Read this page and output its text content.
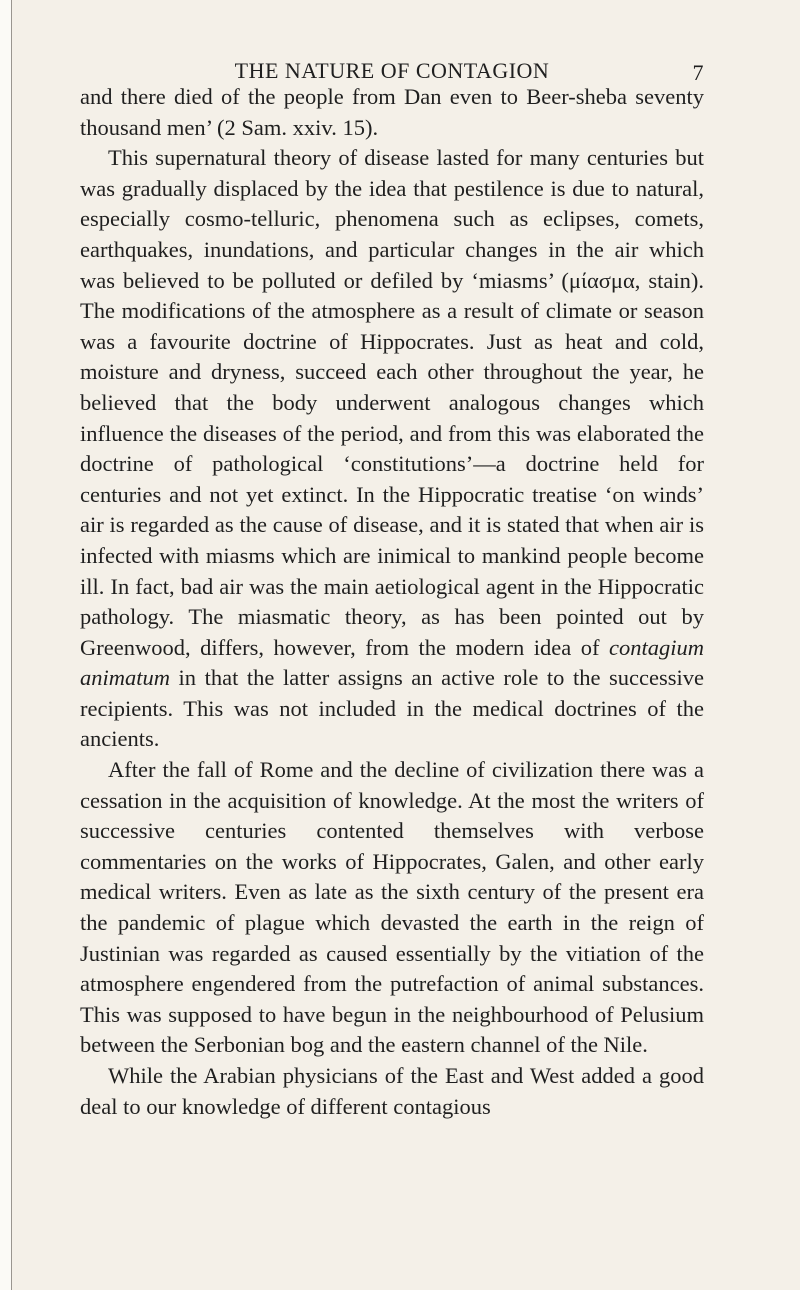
THE NATURE OF CONTAGION	7

and there died of the people from Dan even to Beer-sheba seventy thousand men’ (2 Sam. xxiv. 15).

This supernatural theory of disease lasted for many centuries but was gradually displaced by the idea that pestilence is due to natural, especially cosmo-telluric, phenomena such as eclipses, comets, earthquakes, inundations, and particular changes in the air which was believed to be polluted or defiled by ‘miasms’ (μίασμα, stain). The modifications of the atmosphere as a result of climate or season was a favourite doctrine of Hippocrates. Just as heat and cold, moisture and dryness, succeed each other throughout the year, he believed that the body underwent analogous changes which influence the diseases of the period, and from this was elaborated the doctrine of pathological ‘constitutions’—a doctrine held for centuries and not yet extinct. In the Hippocratic treatise ‘on winds’ air is regarded as the cause of disease, and it is stated that when air is infected with miasms which are inimical to mankind people become ill. In fact, bad air was the main aetiological agent in the Hippocratic pathology. The miasmatic theory, as has been pointed out by Greenwood, differs, however, from the modern idea of contagium animatum in that the latter assigns an active role to the successive recipients. This was not included in the medical doctrines of the ancients.

After the fall of Rome and the decline of civilization there was a cessation in the acquisition of knowledge. At the most the writers of successive centuries contented themselves with verbose commentaries on the works of Hippocrates, Galen, and other early medical writers. Even as late as the sixth century of the present era the pandemic of plague which devasted the earth in the reign of Justinian was regarded as caused essentially by the vitiation of the atmosphere engendered from the putrefaction of animal substances. This was supposed to have begun in the neighbourhood of Pelusium between the Serbonian bog and the eastern channel of the Nile.

While the Arabian physicians of the East and West added a good deal to our knowledge of different contagious
